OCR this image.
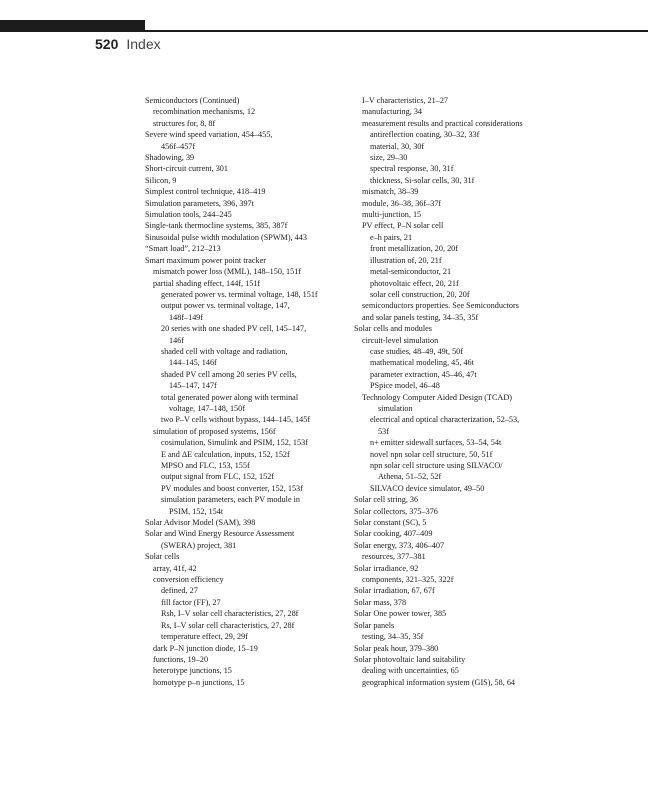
520 Index
Semiconductors (Continued)
recombination mechanisms, 12
structures for, 8, 8f
Severe wind speed variation, 454–455,
456f–457f
Shadowing, 39
Short-circuit current, 301
Silicon, 9
Simplest control technique, 418–419
Simulation parameters, 396, 397t
Simulation tools, 244–245
Single-tank thermocline systems, 385, 387f
Sinusoidal pulse width modulation (SPWM), 443
“Smart load”, 212–213
Smart maximum power point tracker
mismatch power loss (MML), 148–150, 151f
partial shading effect, 144f, 151f
generated power vs. terminal voltage, 148, 151f
output power vs. terminal voltage, 147,
148f–149f
20 series with one shaded PV cell, 145–147,
146f
shaded cell with voltage and radiation,
144–145, 146f
shaded PV cell among 20 series PV cells,
145–147, 147f
total generated power along with terminal
voltage, 147–148, 150f
two P–V cells without bypass, 144–145, 145f
simulation of proposed systems, 156f
cosimulation, Simulink and PSIM, 152, 153f
E and ΔE calculation, inputs, 152, 152f
MPSO and FLC, 153, 155f
output signal from FLC, 152, 152f
PV modules and boost converter, 152, 153f
simulation parameters, each PV module in
PSIM, 152, 154t
Solar Advisor Model (SAM), 398
Solar and Wind Energy Resource Assessment
(SWERA) project, 381
Solar cells
array, 41f, 42
conversion efficiency
defined, 27
fill factor (FF), 27
Rsh, I–V solar cell characteristics, 27, 28f
Rs, I–V solar cell characteristics, 27, 28f
temperature effect, 29, 29f
dark P–N junction diode, 15–19
functions, 19–20
heterotype junctions, 15
homotype p–n junctions, 15
I–V characteristics, 21–27
manufacturing, 34
measurement results and practical considerations
antireflection coating, 30–32, 33f
material, 30, 30f
size, 29–30
spectral response, 30, 31f
thickness, Si-solar cells, 30, 31f
mismatch, 38–39
module, 36–38, 36f–37f
multi-junction, 15
PV effect, P–N solar cell
e–h pairs, 21
front metallization, 20, 20f
illustration of, 20, 21f
metal-semiconductor, 21
photovoltaic effect, 20, 21f
solar cell construction, 20, 20f
semiconductors properties. See Semiconductors
and solar panels testing, 34–35, 35f
Solar cells and modules
circuit-level simulation
case studies, 48–49, 49t, 50f
mathematical modeling, 45, 46t
parameter extraction, 45–46, 47t
PSpice model, 46–48
Technology Computer Aided Design (TCAD)
simulation
electrical and optical characterization, 52–53,
53f
n+ emitter sidewall surfaces, 53–54, 54t
novel npn solar cell structure, 50, 51f
npn solar cell structure using SILVACO/
Athena, 51–52, 52f
SILVACO device simulator, 49–50
Solar cell string, 36
Solar collectors, 375–376
Solar constant (SC), 5
Solar cooking, 407–409
Solar energy, 373, 406–407
resources, 377–381
Solar irradiance, 92
components, 321–325, 322f
Solar irradiation, 67, 67f
Solar mass, 378
Solar One power tower, 385
Solar panels
testing, 34–35, 35f
Solar peak hour, 379–380
Solar photovoltaic land suitability
dealing with uncertainties, 65
geographical information system (GIS), 58, 64
